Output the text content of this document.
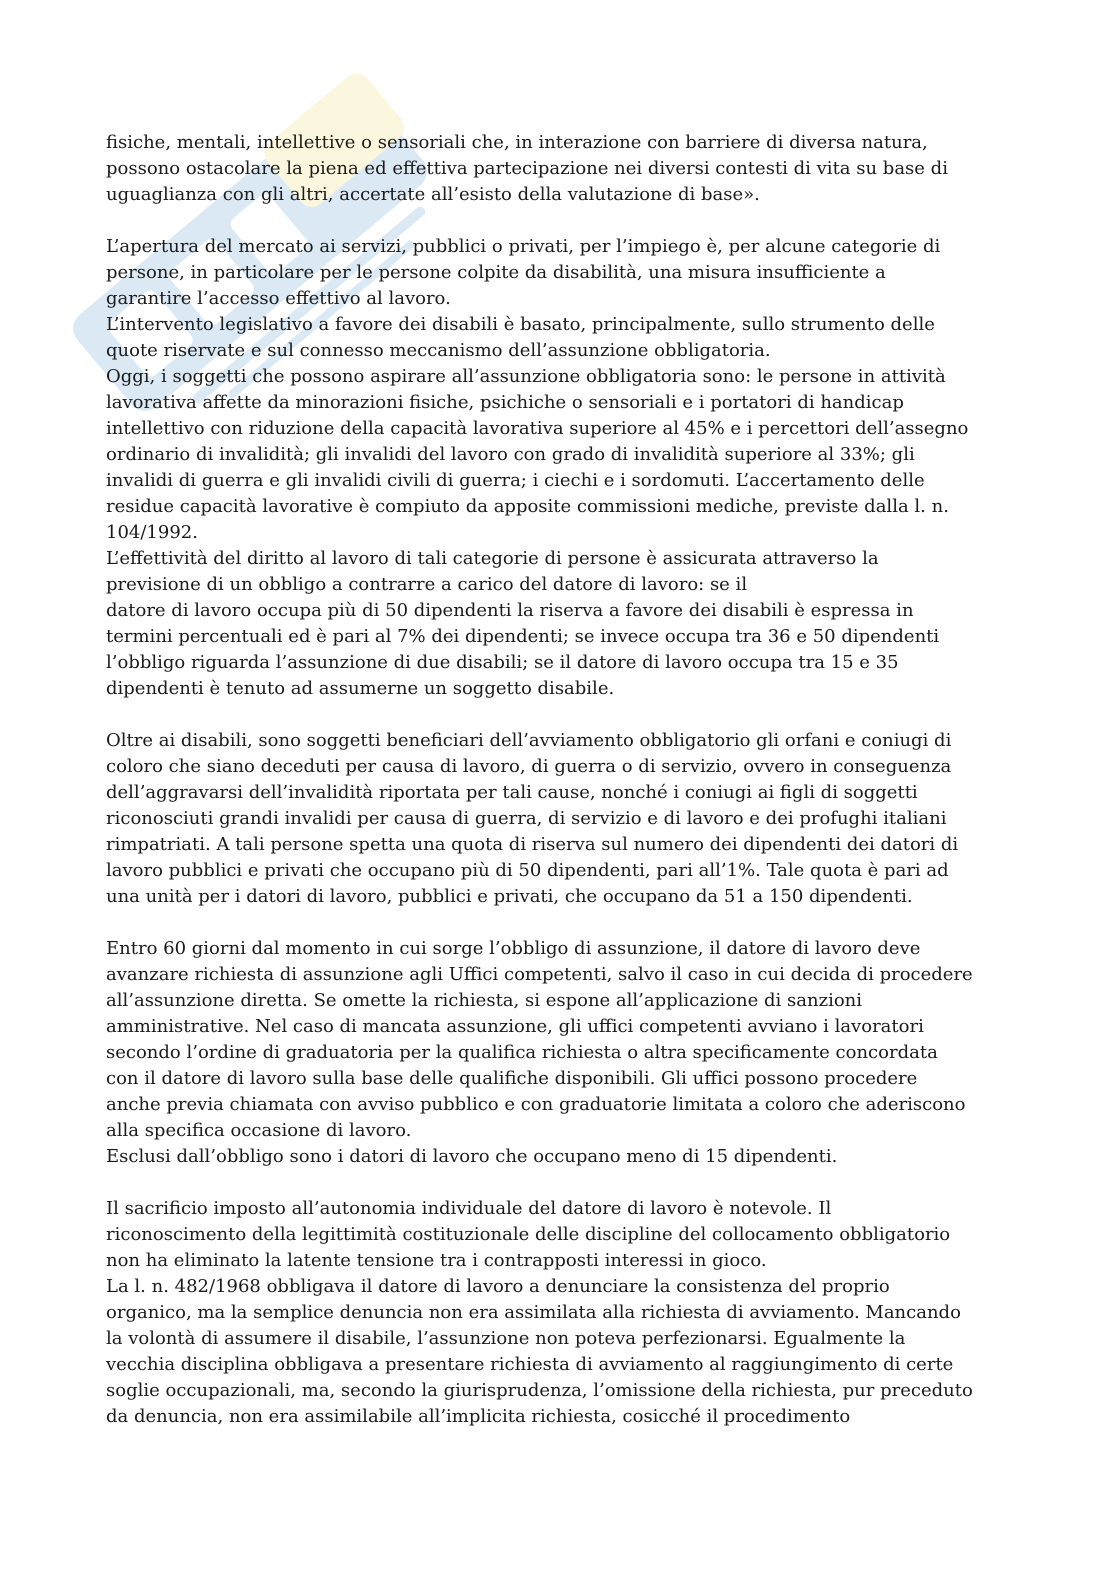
fisiche, mentali, intellettive o sensoriali che, in interazione con barriere di diversa natura,
possono ostacolare la piena ed effettiva partecipazione nei diversi contesti di vita su base di
uguaglianza con gli altri, accertate all’esisto della valutazione di base».

L’apertura del mercato ai servizi, pubblici o privati, per l’impiego è, per alcune categorie di
persone, in particolare per le persone colpite da disabilità, una misura insufficiente a
garantire l’accesso effettivo al lavoro.

L’intervento legislativo a favore dei disabili è basato, principalmente, sullo strumento delle
quote riservate e sul connesso meccanismo dell’assunzione obbligatoria.

Oggi, i soggetti che possono aspirare all’assunzione obbligatoria sono: le persone in attività
lavorativa affette da minorazioni fisiche, psichiche o sensoriali e i portatori di handicap
intellettivo con riduzione della capacità lavorativa superiore al 45% e i percettori dell’assegno
ordinario di invalidità; gli invalidi del lavoro con grado di invalidità superiore al 33%; gli
invalidi di guerra e gli invalidi civili di guerra; i ciechi e i sordomuti. L’accertamento delle
residue capacità lavorative è compiuto da apposite commissioni mediche, previste dalla l. n.
104/1992.

L’effettività del diritto al lavoro di tali categorie di persone è assicurata attraverso la
previsione di un obbligo a contrarre a carico del datore di lavoro: se il
datore di lavoro occupa più di 50 dipendenti la riserva a favore dei disabili è espressa in
termini percentuali ed è pari al 7% dei dipendenti; se invece occupa tra 36 e 50 dipendenti
l’obbligo riguarda l’assunzione di due disabili; se il datore di lavoro occupa tra 15 e 35
dipendenti è tenuto ad assumerne un soggetto disabile.

Oltre ai disabili, sono soggetti beneficiari dell’avviamento obbligatorio gli orfani e coniugi di
coloro che siano deceduti per causa di lavoro, di guerra o di servizio, ovvero in conseguenza
dell’aggravarsi dell’invalidità riportata per tali cause, nonché i coniugi ai figli di soggetti
riconosciuti grandi invalidi per causa di guerra, di servizio e di lavoro e dei profughi italiani
rimpatriati. A tali persone spetta una quota di riserva sul numero dei dipendenti dei datori di
lavoro pubblici e privati che occupano più di 50 dipendenti, pari all’1%. Tale quota è pari ad
una unità per i datori di lavoro, pubblici e privati, che occupano da 51 a 150 dipendenti.

Entro 60 giorni dal momento in cui sorge l’obbligo di assunzione, il datore di lavoro deve
avanzare richiesta di assunzione agli Uffici competenti, salvo il caso in cui decida di procedere
all’assunzione diretta. Se omette la richiesta, si espone all’applicazione di sanzioni
amministrative. Nel caso di mancata assunzione, gli uffici competenti avviano i lavoratori
secondo l’ordine di graduatoria per la qualifica richiesta o altra specificamente concordata
con il datore di lavoro sulla base delle qualifiche disponibili. Gli uffici possono procedere
anche previa chiamata con avviso pubblico e con graduatorie limitata a coloro che aderiscono
alla specifica occasione di lavoro.

Esclusi dall’obbligo sono i datori di lavoro che occupano meno di 15 dipendenti.

Il sacrificio imposto all’autonomia individuale del datore di lavoro è notevole. Il
riconoscimento della legittimità costituzionale delle discipline del collocamento obbligatorio
non ha eliminato la latente tensione tra i contrapposti interessi in gioco.

La l. n. 482/1968 obbligava il datore di lavoro a denunciare la consistenza del proprio
organico, ma la semplice denuncia non era assimilata alla richiesta di avviamento. Mancando
la volontà di assumere il disabile, l’assunzione non poteva perfezionarsi. Egualmente la
vecchia disciplina obbligava a presentare richiesta di avviamento al raggiungimento di certe
soglie occupazionali, ma, secondo la giurisprudenza, l’omissione della richiesta, pur preceduto
da denuncia, non era assimilabile all’implicita richiesta, cosicché il procedimento
